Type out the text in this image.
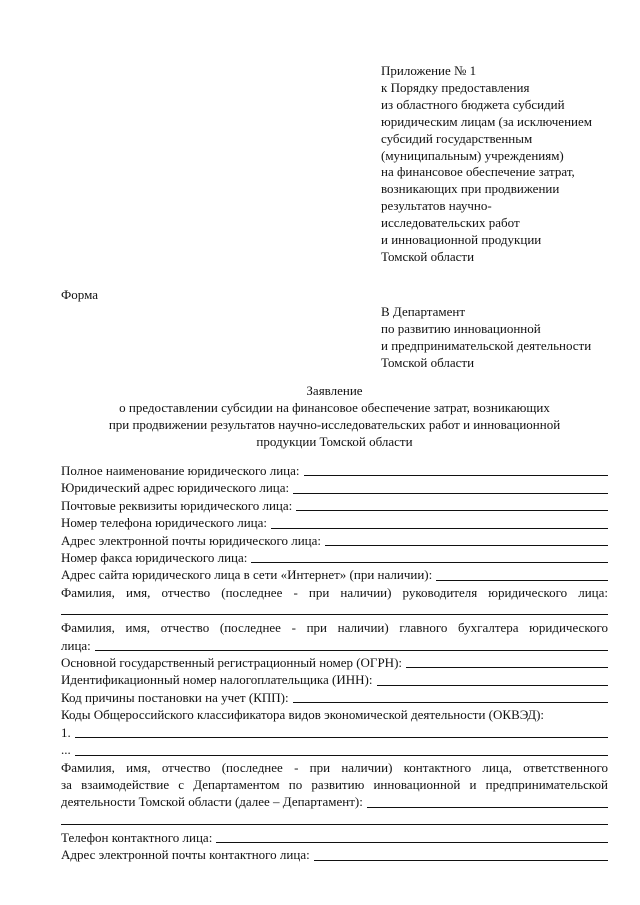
Приложение № 1
к Порядку предоставления
из областного бюджета субсидий
юридическим лицам (за исключением
субсидий государственным
(муниципальным) учреждениям)
на финансовое обеспечение затрат,
возникающих при продвижении
результатов научно-
исследовательских работ
и инновационной продукции
Томской области
Форма
В Департамент
по развитию инновационной
и предпринимательской деятельности
Томской области
Заявление
о предоставлении субсидии на финансовое обеспечение затрат, возникающих
при продвижении результатов научно-исследовательских работ и инновационной
продукции Томской области
Полное наименование юридического лица:
Юридический адрес юридического лица:
Почтовые реквизиты юридического лица:
Номер телефона юридического лица:
Адрес электронной почты юридического лица:
Номер факса юридического лица:
Адрес сайта юридического лица в сети «Интернет» (при наличии):
Фамилия, имя, отчество (последнее - при наличии) руководителя юридического лица:
Фамилия, имя, отчество (последнее - при наличии) главного бухгалтера юридического
лица:
Основной государственный регистрационный номер (ОГРН):
Идентификационный номер налогоплательщика (ИНН):
Код причины постановки на учет (КПП):
Коды Общероссийского классификатора видов экономической деятельности (ОКВЭД):
1.
...
Фамилия, имя, отчество (последнее - при наличии) контактного лица, ответственного
за взаимодействие с Департаментом по развитию инновационной и предпринимательской
деятельности Томской области (далее – Департамент):
Телефон контактного лица:
Адрес электронной почты контактного лица:
